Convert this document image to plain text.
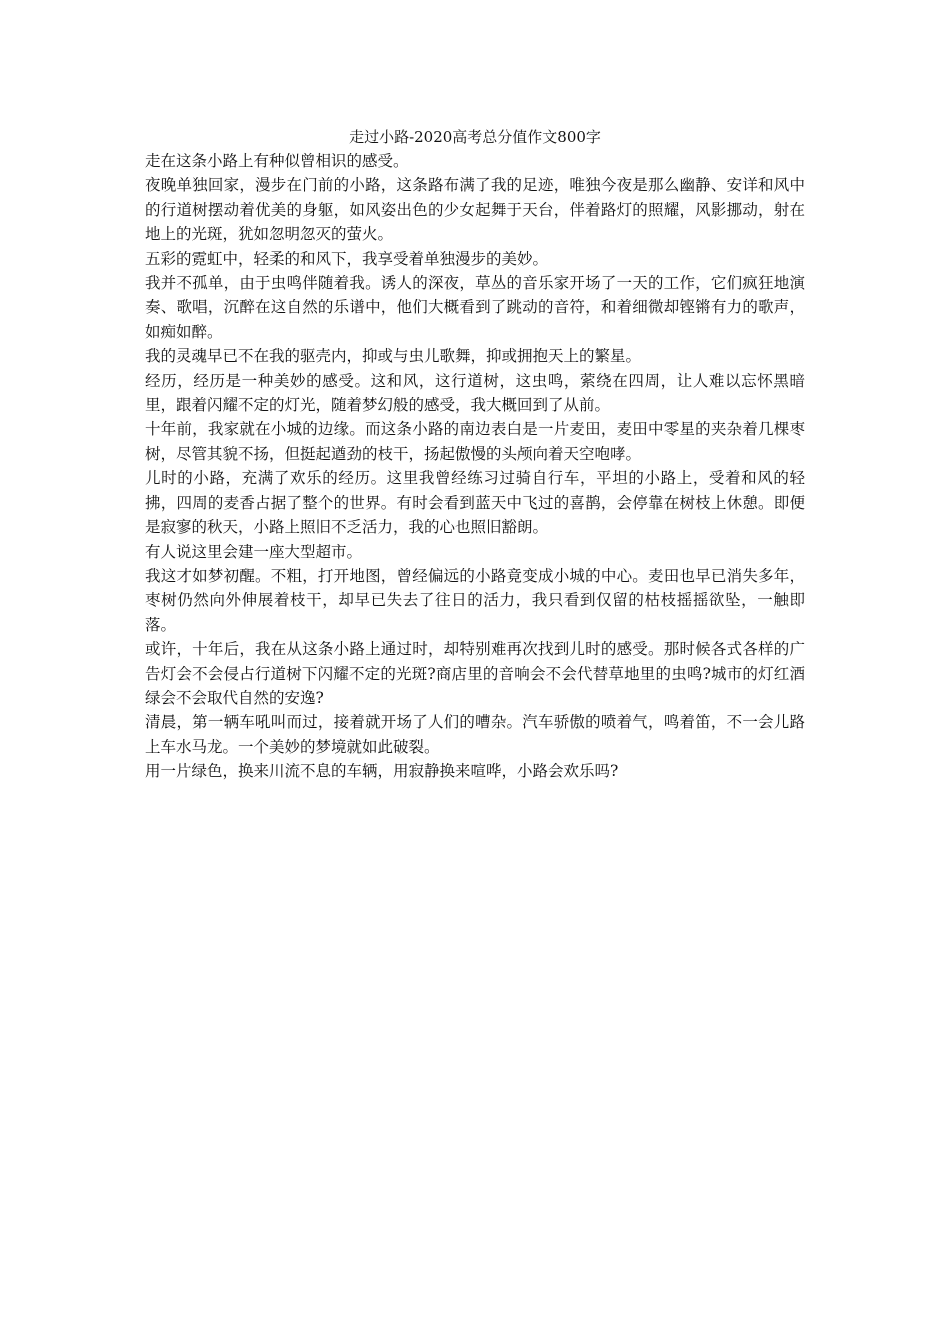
走过小路-2020高考总分值作文800字

走在这条小路上有种似曾相识的感受。

夜晚单独回家，漫步在门前的小路，这条路布满了我的足迹，唯独今夜是那么幽静、安详和风中的行道树摆动着优美的身躯，如风姿出色的少女起舞于天台，伴着路灯的照耀，风影挪动，射在地上的光斑，犹如忽明忽灭的萤火。

五彩的霓虹中，轻柔的和风下，我享受着单独漫步的美妙。

我并不孤单，由于虫鸣伴随着我。诱人的深夜，草丛的音乐家开场了一天的工作，它们疯狂地演奏、歌唱，沉醉在这自然的乐谱中，他们大概看到了跳动的音符，和着细微却铿锵有力的歌声，如痴如醉。

我的灵魂早已不在我的驱壳内，抑或与虫儿歌舞，抑或拥抱天上的繁星。

经历，经历是一种美妙的感受。这和风，这行道树，这虫鸣，萦绕在四周，让人难以忘怀黑暗里，跟着闪耀不定的灯光，随着梦幻般的感受，我大概回到了从前。

十年前，我家就在小城的边缘。而这条小路的南边表白是一片麦田，麦田中零星的夹杂着几棵枣树，尽管其貌不扬，但挺起遒劲的枝干，扬起傲慢的头颅向着天空咆哮。

儿时的小路，充满了欢乐的经历。这里我曾经练习过骑自行车，平坦的小路上，受着和风的轻拂，四周的麦香占据了整个的世界。有时会看到蓝天中飞过的喜鹊，会停靠在树枝上休憩。即便是寂寥的秋天，小路上照旧不乏活力，我的心也照旧豁朗。

有人说这里会建一座大型超市。

我这才如梦初醒。不粗，打开地图，曾经偏远的小路竟变成小城的中心。麦田也早已消失多年，枣树仍然向外伸展着枝干，却早已失去了往日的活力，我只看到仅留的枯枝摇摇欲坠，一触即落。

或许，十年后，我在从这条小路上通过时，却特别难再次找到儿时的感受。那时候各式各样的广告灯会不会侵占行道树下闪耀不定的光斑?商店里的音响会不会代替草地里的虫鸣?城市的灯红酒绿会不会取代自然的安逸?

清晨，第一辆车吼叫而过，接着就开场了人们的嘈杂。汽车骄傲的喷着气，鸣着笛，不一会儿路上车水马龙。一个美妙的梦境就如此破裂。

用一片绿色，换来川流不息的车辆，用寂静换来喧哗，小路会欢乐吗?
